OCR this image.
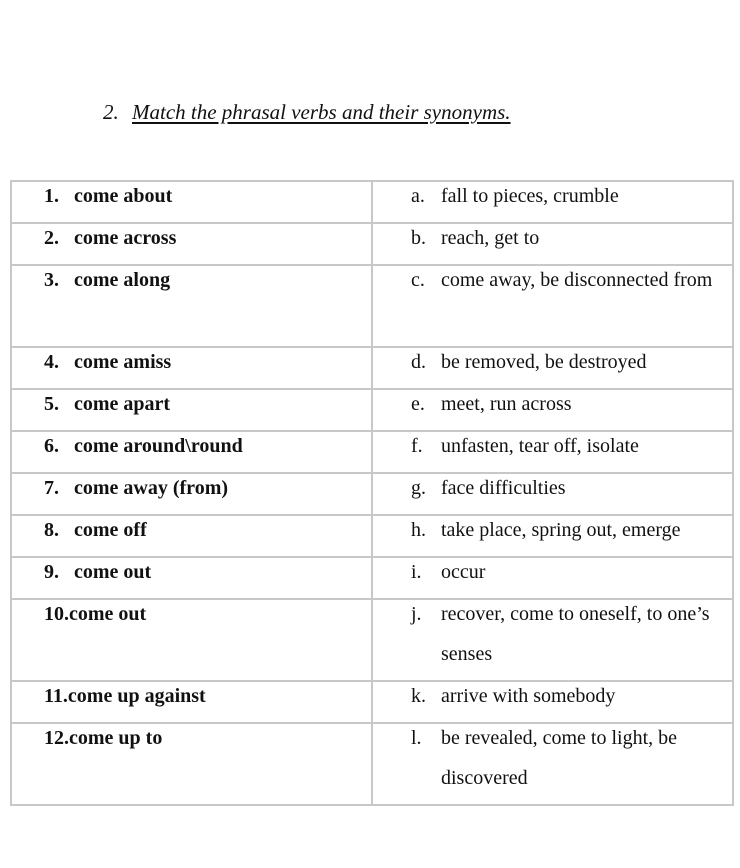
2. Match the phrasal verbs and their synonyms.
1. come about	a. fall to pieces, crumble

2. come across	b. reach, get to

3. come along	c. come away, be disconnected from

4. come amiss	d. be removed, be destroyed

5. come apart	e. meet, run across

6. come around\round	f. unfasten, tear off, isolate

7. come away (from)	g. face difficulties

8. come off	h. take place, spring out, emerge

9. come out	i. occur

10. come out	j. recover, come to oneself, to one’s senses

11. come up against	k. arrive with somebody

12. come up to	l. be revealed, come to light, be discovered
